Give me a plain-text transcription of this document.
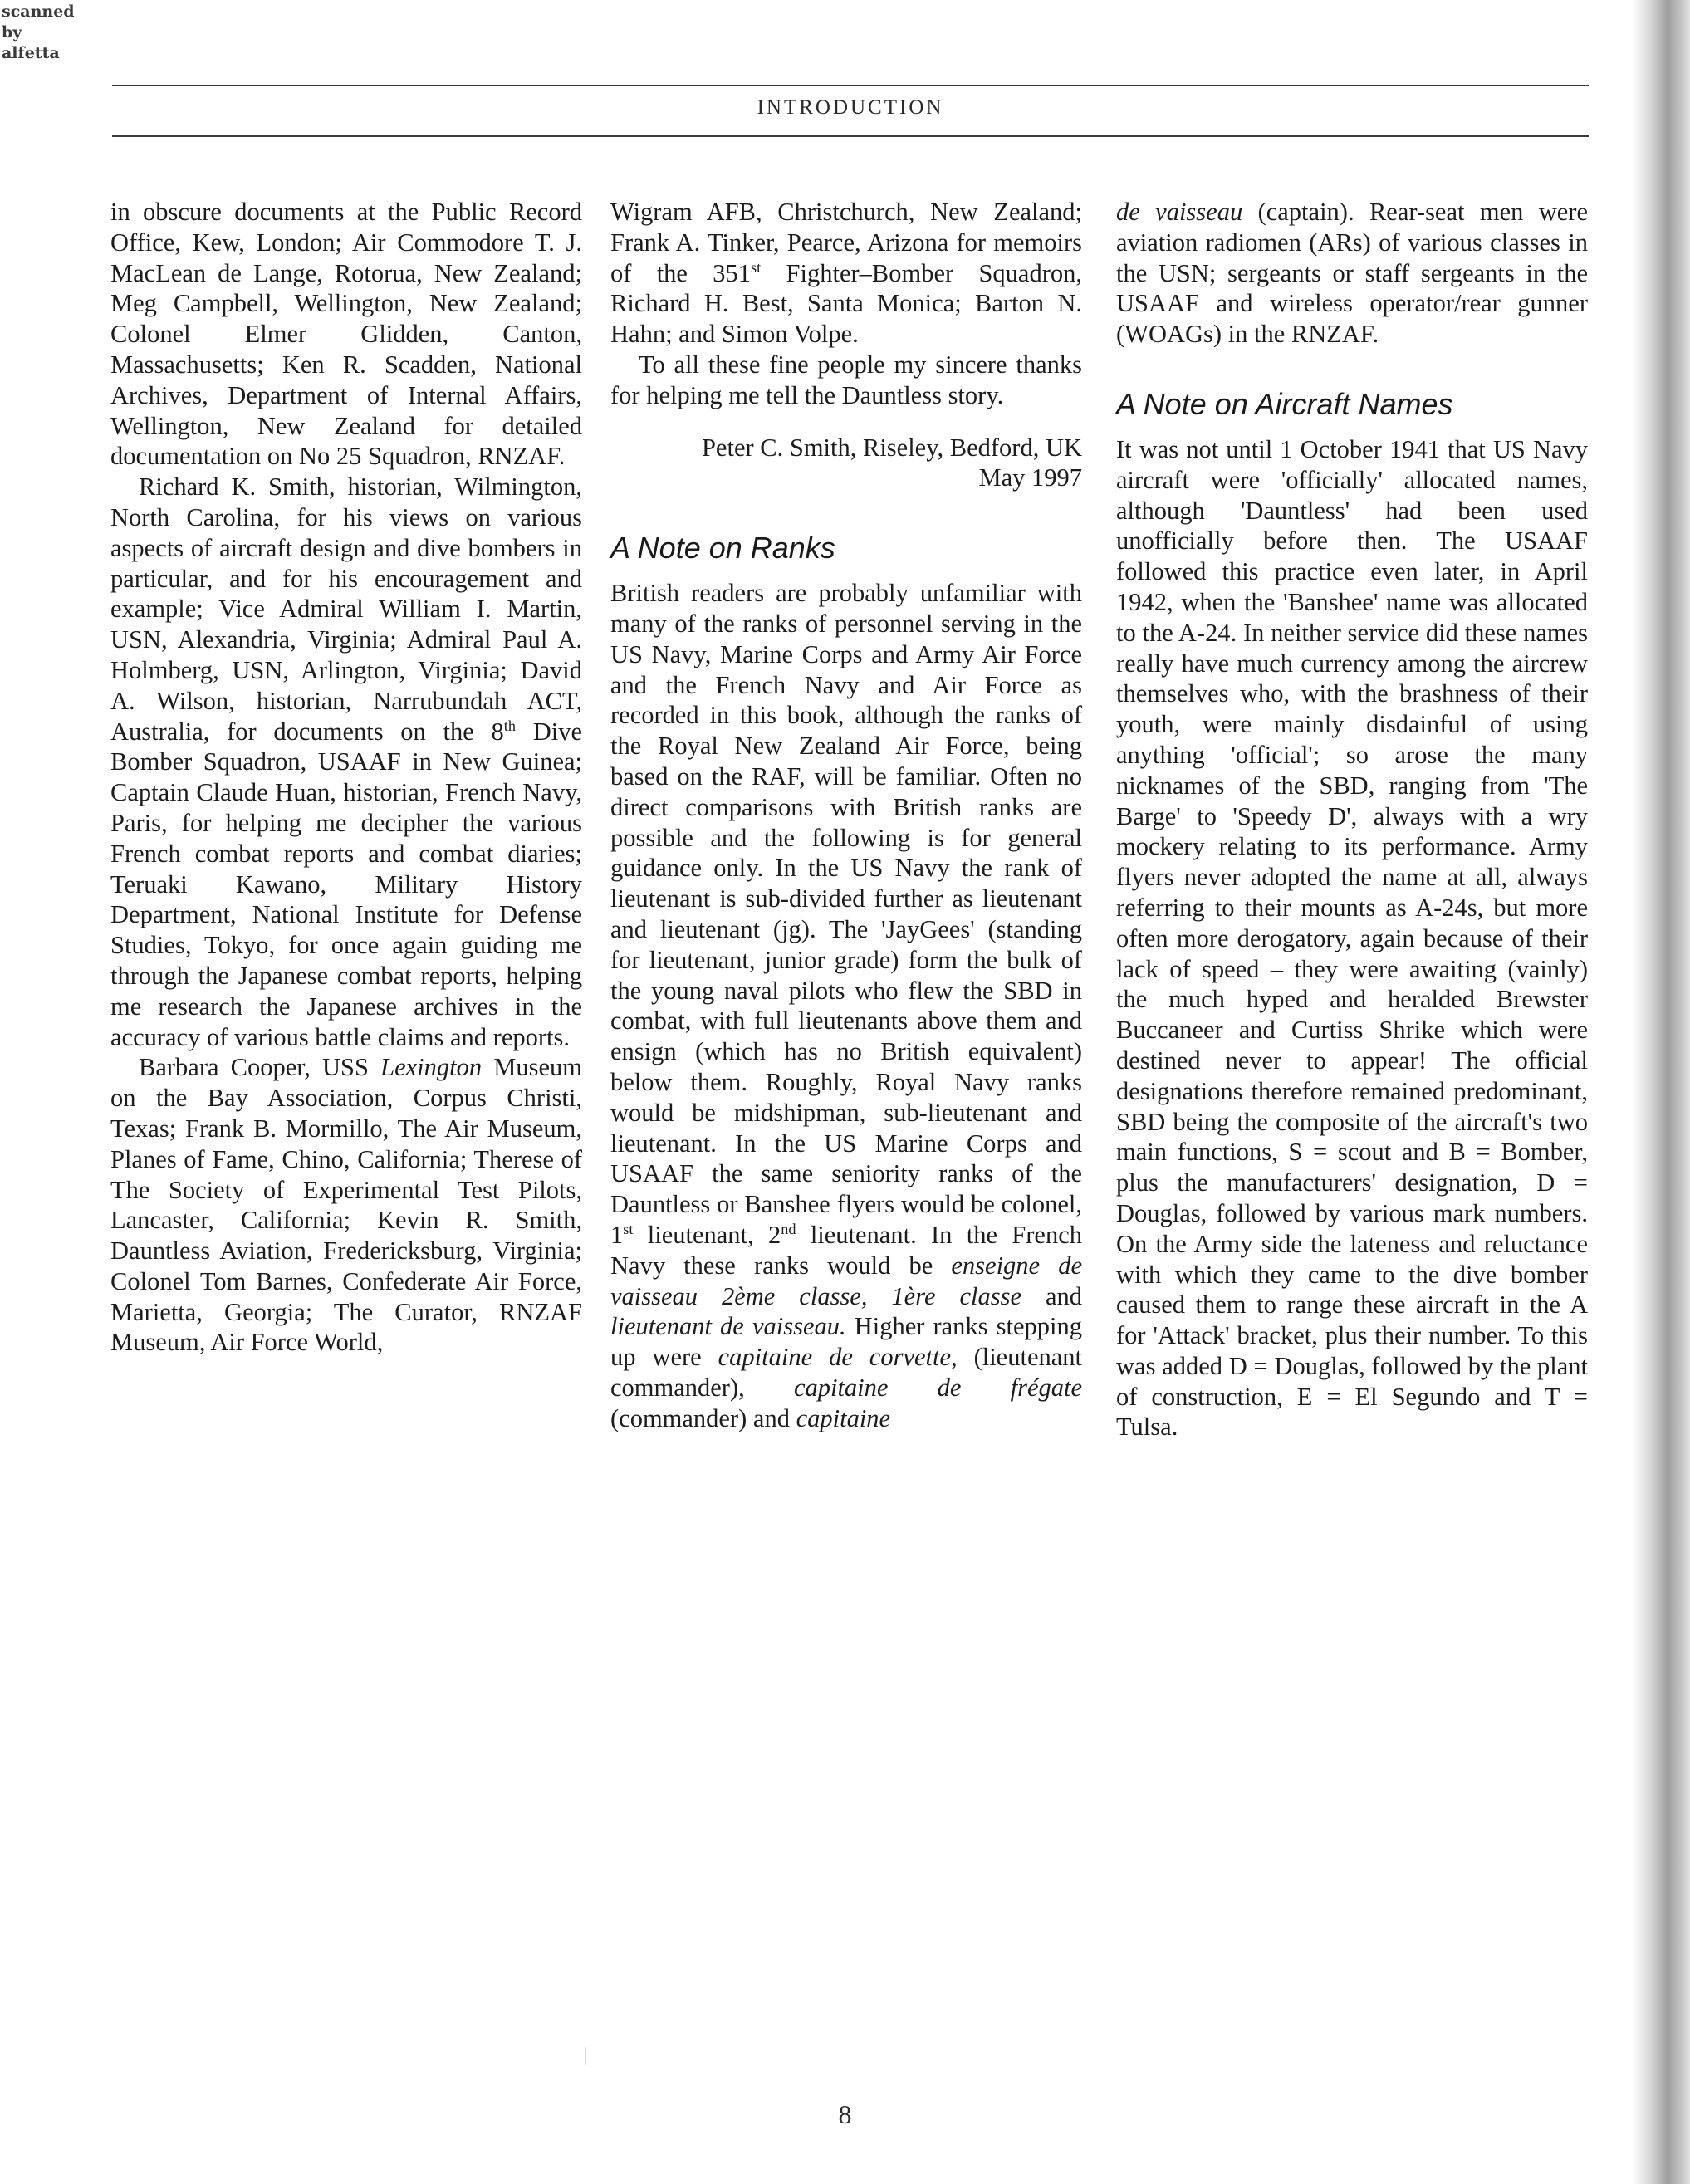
scanned
by
alfetta
INTRODUCTION

in obscure documents at the Public Record Office, Kew, London; Air Commodore T. J. MacLean de Lange, Rotorua, New Zealand; Meg Campbell, Wellington, New Zealand; Colonel Elmer Glidden, Canton, Massachusetts; Ken R. Scadden, National Archives, Department of Internal Affairs, Wellington, New Zealand for detailed documentation on No 25 Squadron, RNZAF.

Richard K. Smith, historian, Wilmington, North Carolina, for his views on various aspects of aircraft design and dive bombers in particular, and for his encouragement and example; Vice Admiral William I. Martin, USN, Alexandria, Virginia; Admiral Paul A. Holmberg, USN, Arlington, Virginia; David A. Wilson, historian, Narrubundah ACT, Australia, for documents on the 8th Dive Bomber Squadron, USAAF in New Guinea; Captain Claude Huan, historian, French Navy, Paris, for helping me decipher the various French combat reports and combat diaries; Teruaki Kawano, Military History Department, National Institute for Defense Studies, Tokyo, for once again guiding me through the Japanese combat reports, helping me research the Japanese archives in the accuracy of various battle claims and reports.

Barbara Cooper, USS Lexington Museum on the Bay Association, Corpus Christi, Texas; Frank B. Mormillo, The Air Museum, Planes of Fame, Chino, California; Therese of The Society of Experimental Test Pilots, Lancaster, California; Kevin R. Smith, Dauntless Aviation, Fredericksburg, Virginia; Colonel Tom Barnes, Confederate Air Force, Marietta, Georgia; The Curator, RNZAF Museum, Air Force World,

Wigram AFB, Christchurch, New Zealand; Frank A. Tinker, Pearce, Arizona for memoirs of the 351st Fighter–Bomber Squadron, Richard H. Best, Santa Monica; Barton N. Hahn; and Simon Volpe.

To all these fine people my sincere thanks for helping me tell the Dauntless story.

Peter C. Smith, Riseley, Bedford, UK
May 1997
A Note on Ranks

British readers are probably unfamiliar with many of the ranks of personnel serving in the US Navy, Marine Corps and Army Air Force and the French Navy and Air Force as recorded in this book, although the ranks of the Royal New Zealand Air Force, being based on the RAF, will be familiar. Often no direct comparisons with British ranks are possible and the following is for general guidance only. In the US Navy the rank of lieutenant is sub-divided further as lieutenant and lieutenant (jg). The 'JayGees' (standing for lieutenant, junior grade) form the bulk of the young naval pilots who flew the SBD in combat, with full lieutenants above them and ensign (which has no British equivalent) below them. Roughly, Royal Navy ranks would be midshipman, sub-lieutenant and lieutenant. In the US Marine Corps and USAAF the same seniority ranks of the Dauntless or Banshee flyers would be colonel, 1st lieutenant, 2nd lieutenant. In the French Navy these ranks would be enseigne de vaisseau 2ème classe, 1ère classe and lieutenant de vaisseau. Higher ranks stepping up were capitaine de corvette, (lieutenant commander), capitaine de frégate (commander) and capitaine

de vaisseau (captain). Rear-seat men were aviation radiomen (ARs) of various classes in the USN; sergeants or staff sergeants in the USAAF and wireless operator/rear gunner (WOAGs) in the RNZAF.

A Note on Aircraft Names

It was not until 1 October 1941 that US Navy aircraft were 'officially' allocated names, although 'Dauntless' had been used unofficially before then. The USAAF followed this practice even later, in April 1942, when the 'Banshee' name was allocated to the A-24. In neither service did these names really have much currency among the aircrew themselves who, with the brashness of their youth, were mainly disdainful of using anything 'official'; so arose the many nicknames of the SBD, ranging from 'The Barge' to 'Speedy D', always with a wry mockery relating to its performance. Army flyers never adopted the name at all, always referring to their mounts as A-24s, but more often more derogatory, again because of their lack of speed – they were awaiting (vainly) the much hyped and heralded Brewster Buccaneer and Curtiss Shrike which were destined never to appear! The official designations therefore remained predominant, SBD being the composite of the aircraft's two main functions, S = scout and B = Bomber, plus the manufacturers' designation, D = Douglas, followed by various mark numbers. On the Army side the lateness and reluctance with which they came to the dive bomber caused them to range these aircraft in the A for 'Attack' bracket, plus their number. To this was added D = Douglas, followed by the plant of construction, E = El Segundo and T = Tulsa.

8
